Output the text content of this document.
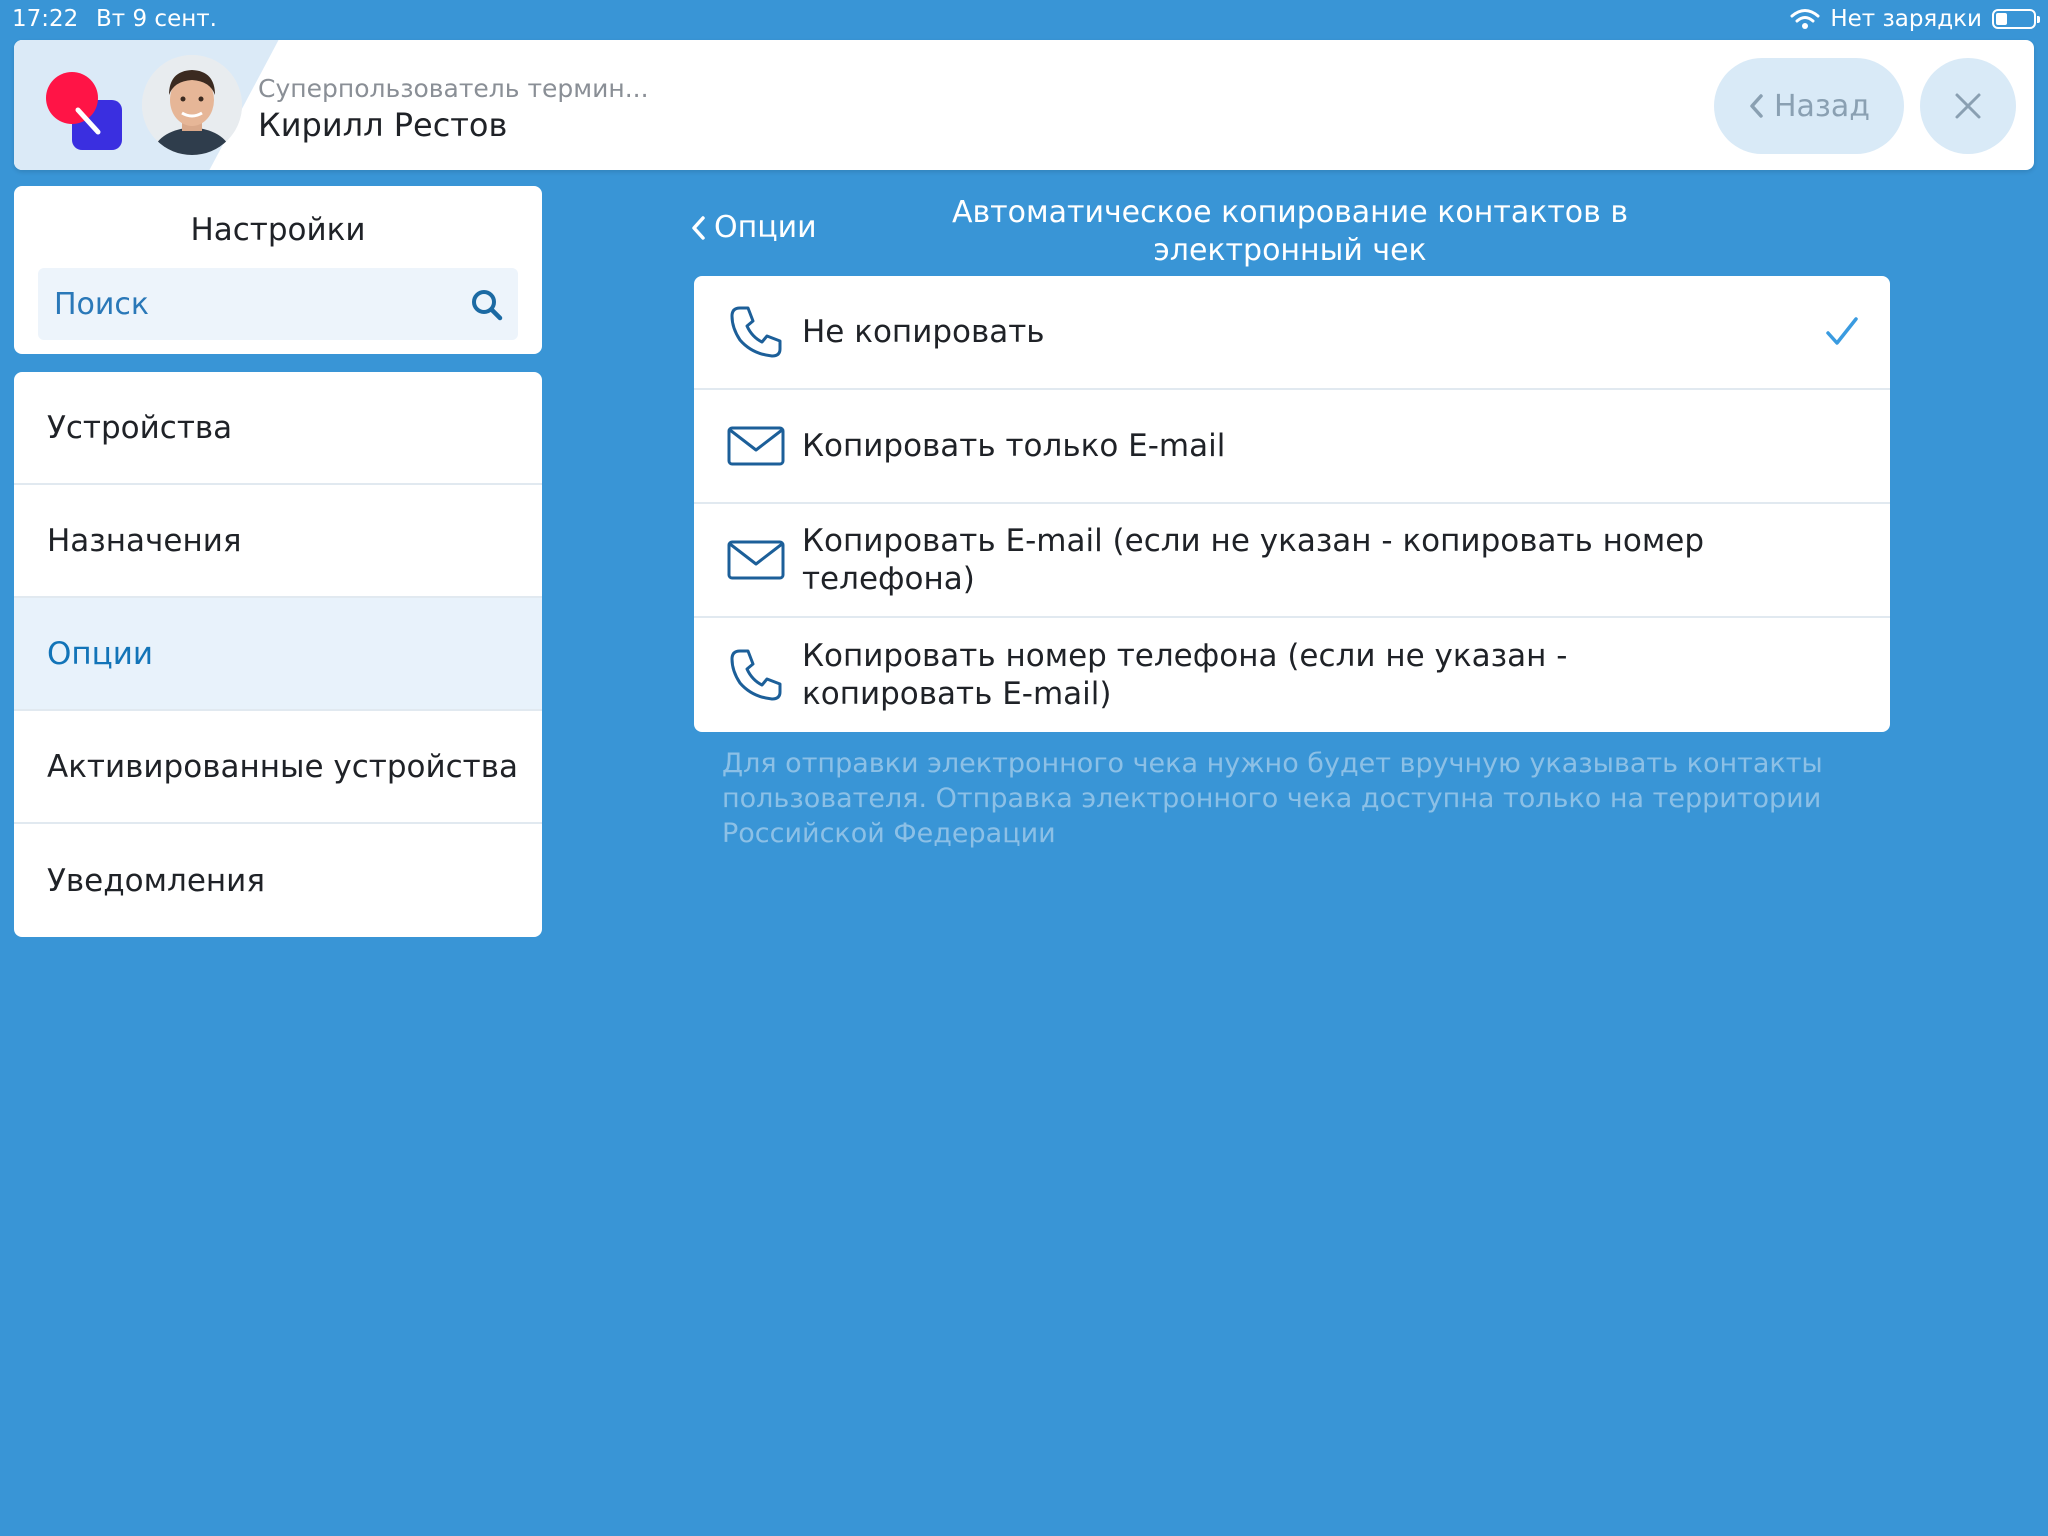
17:22 Вт 9 сент.	Нет зарядки
Суперпользователь термин...
Кирилл Рестов	Назад
Настройки
Поиск
Устройства
Назначения
Опции
Активированные устройства
Уведомления
Опции	Автоматическое копирование контактов в электронный чек
Не копировать
Копировать только E-mail
Копировать E-mail (если не указан - копировать номер телефона)
Копировать номер телефона (если не указан - копировать E-mail)
Для отправки электронного чека нужно будет вручную указывать контакты пользователя. Отправка электронного чека доступна только на территории Российской Федерации
